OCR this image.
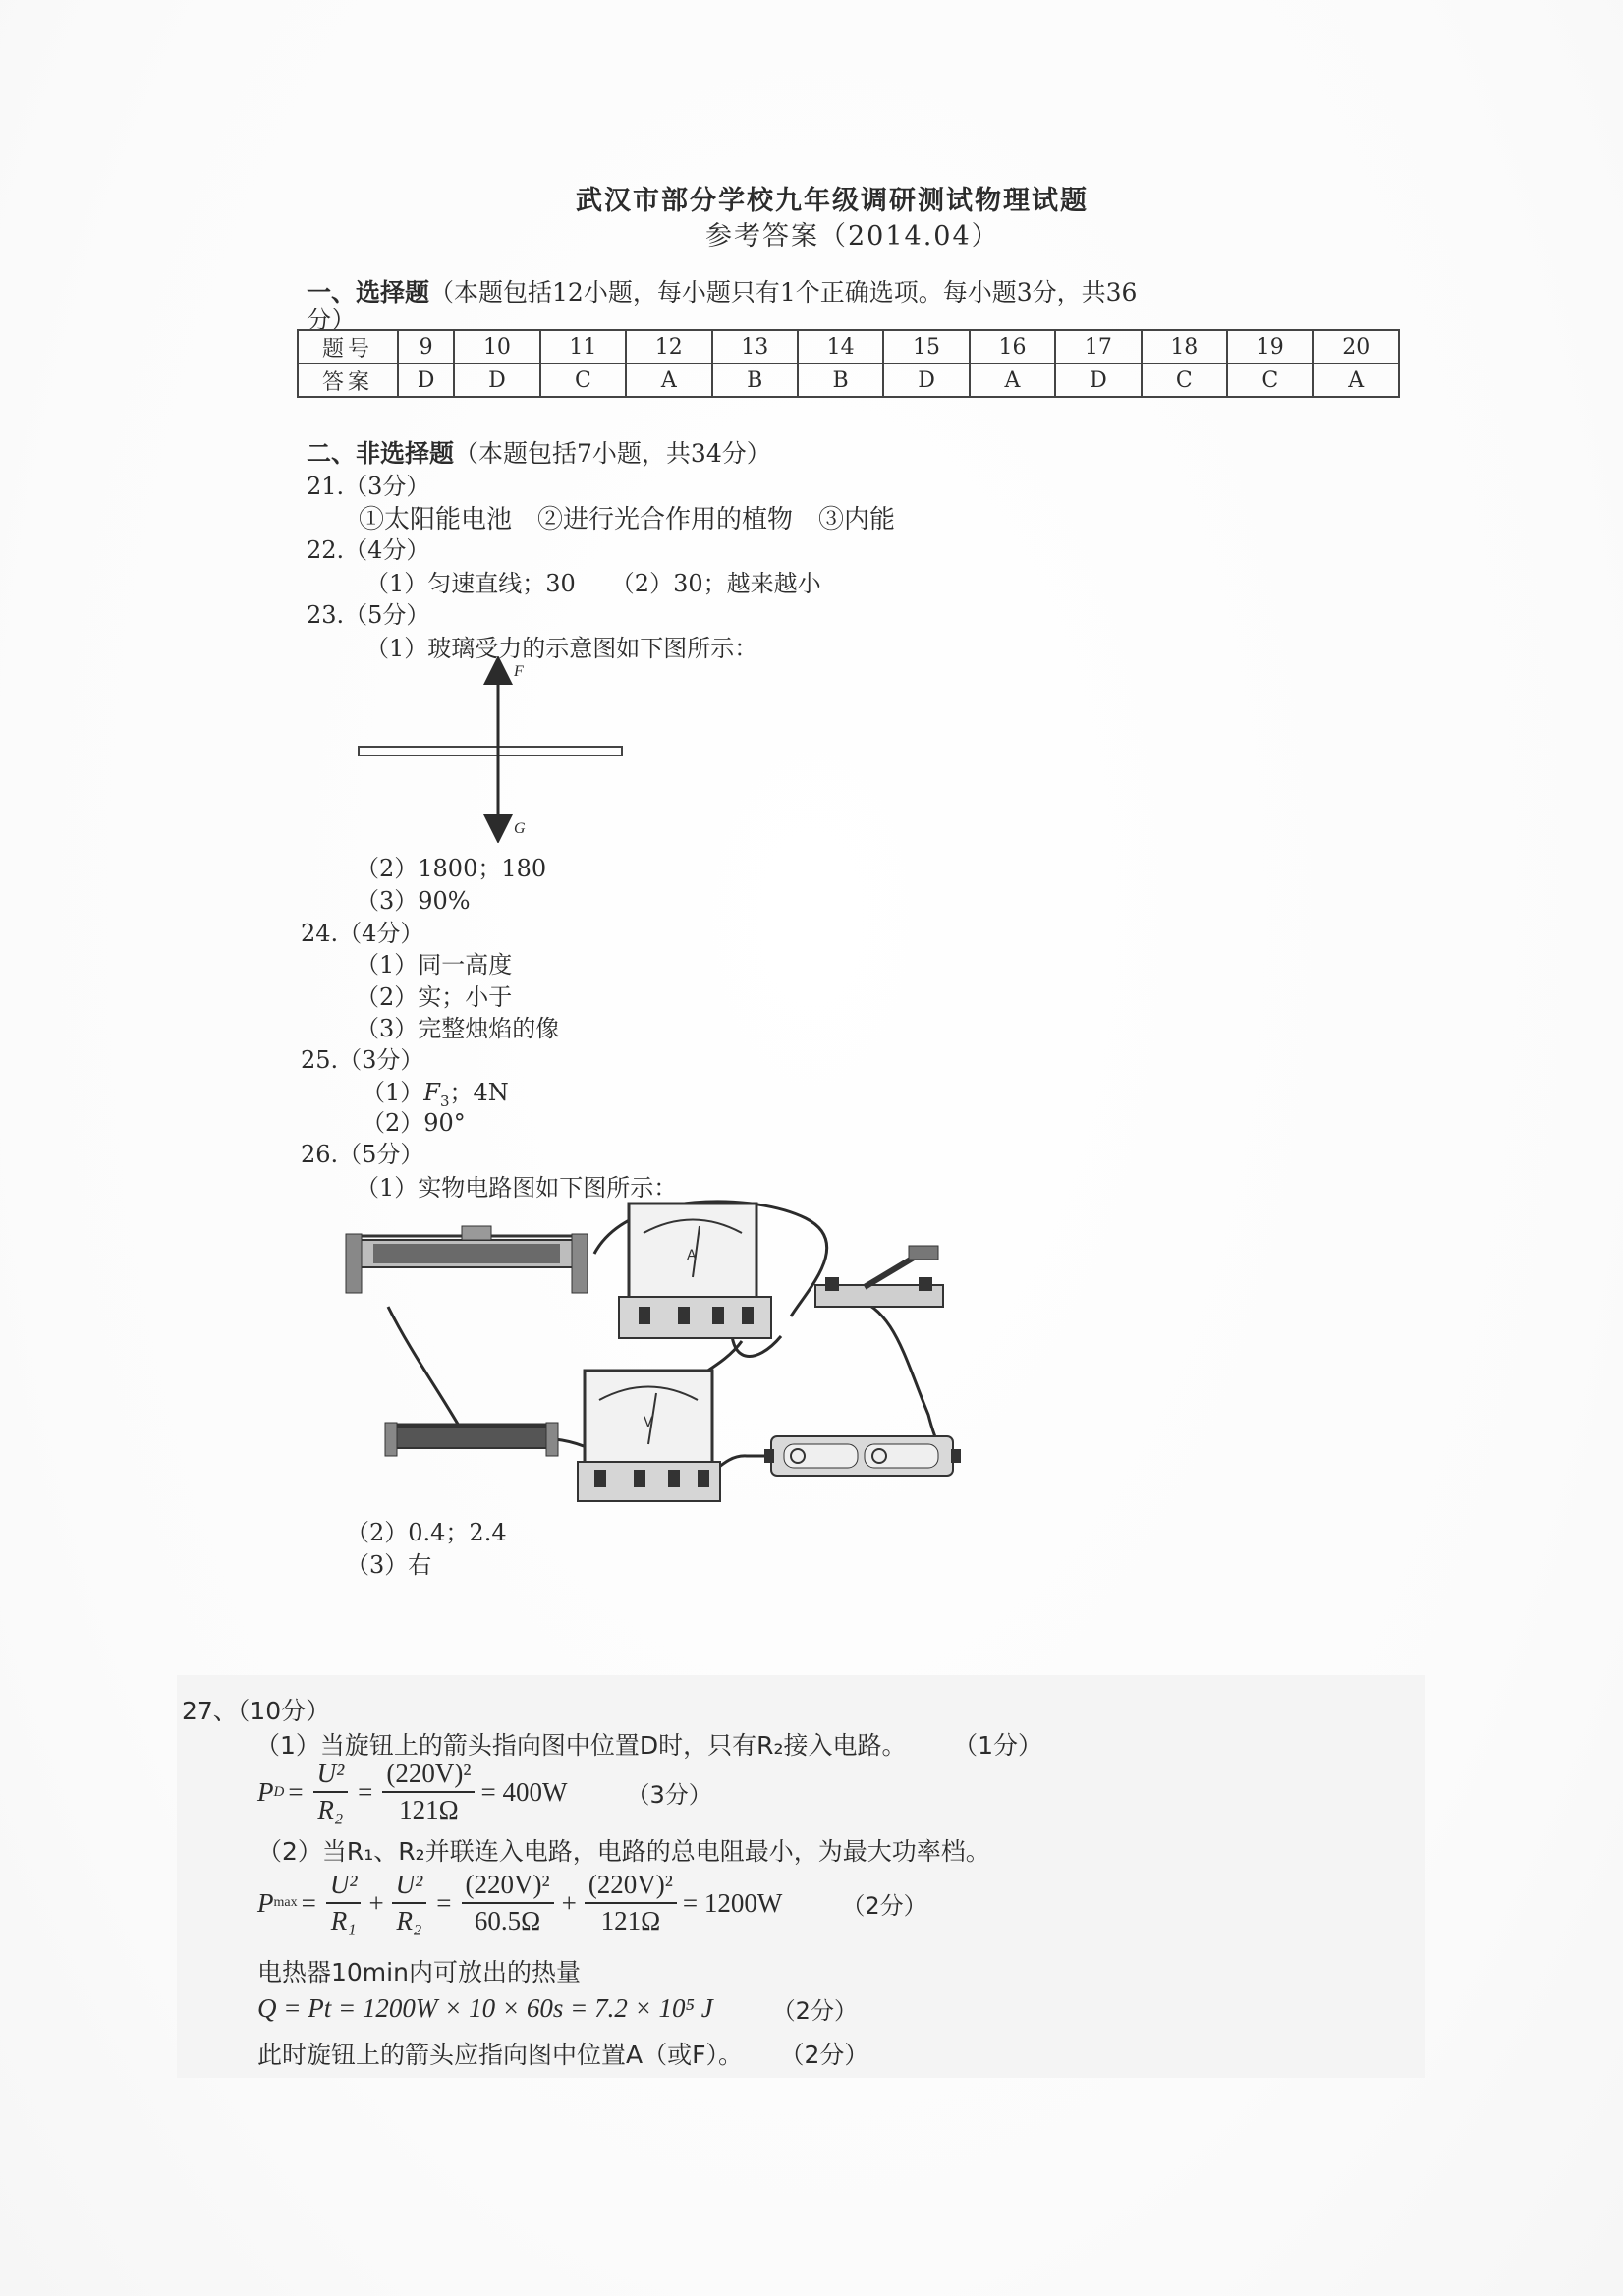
武汉市部分学校九年级调研测试物理试题
参考答案（2014.04）
一、选择题（本题包括12小题，每小题只有1个正确选项。每小题3分，共36
分）
题号	9	10	11	12	13	14	15	16	17	18	19	20
答案	D	D	C	A	B	B	D	A	D	C	C	A
二、非选择题（本题包括7小题，共34分）
21.（3分）
①太阳能电池　②进行光合作用的植物　③内能
22.（4分）
（1）匀速直线；30　　（2）30；越来越小
23.（5分）
（1）玻璃受力的示意图如下图所示：
F
G
（2）1800；180
（3）90%
24.（4分）
（1）同一高度
（2）实；小于
（3）完整烛焰的像
25.（3分）
$(1)F_3$；4N
（2）90°
26.（5分）
（1）实物电路图如下图所示：
A
V
（2）0.4；2.4
（3）右
27、（10分）
（1）当旋钮上的箭头指向图中位置D时，只有R₂接入电路。 （1分）
P $D = \frac{\text{U²}}{\text{R₂}} = \frac{\text{(220V)²}}{121\Omega} = 400W$	（3分）
（2）当R₁、R₂并联连入电路，电路的总电阻最小，为最大功率档。
P $\max = \frac{\text{U²}}{\text{R₁}} + \frac{\text{U²}}{\text{R₂}} = \frac{\text{(220V)²}}{60.5\Omega} + \frac{\text{(220V)²}}{121\Omega} = 1200W$	（2分）
电热器10min内可放出的热量
Q = Pt = 1200W × 10 × 60s = 7.2 × 10⁵ J	（2分）
此时旋钮上的箭头应指向图中位置A（或F）。 （2分）
